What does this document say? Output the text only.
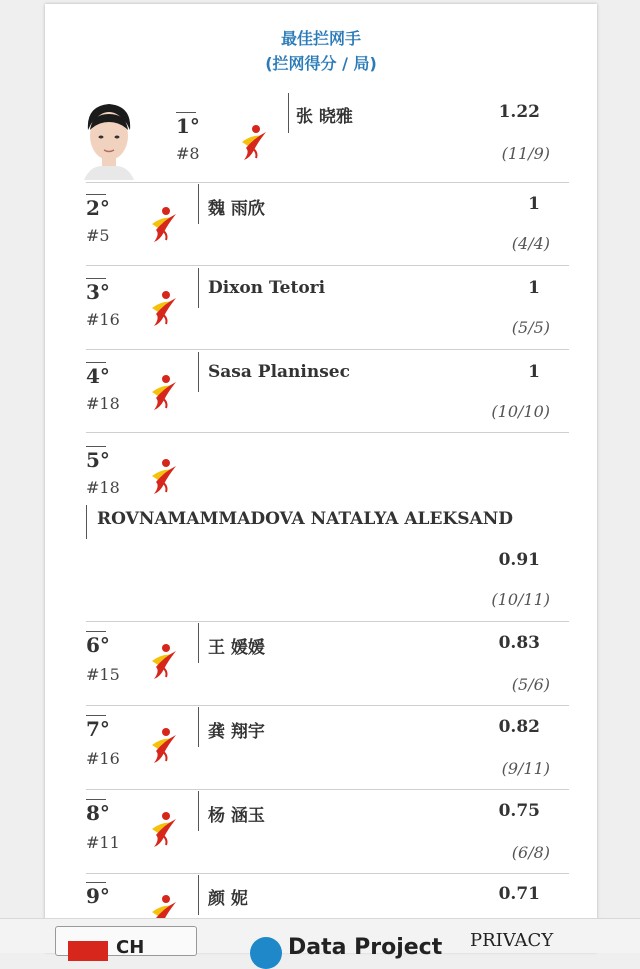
最佳拦网手
(拦网得分 / 局)
1°
#8
张 晓雅	1.22
(11/9)
2°
#5
魏 雨欣	1
(4/4)
3°
#16
Dixon Tetori	1
(5/5)
4°
#18
Sasa Planinsec	1
(10/10)
5°
#18
ROVNAMAMMADOVA NATALYA ALEKSAND
0.91
(10/11)
6°
#15
王 媛媛	0.83
(5/6)
7°
#16
龚 翔宇	0.82
(9/11)
8°
#11
杨 涵玉	0.75
(6/8)
9°	颜 妮	0.71
CH	Data Project PRIVACY
